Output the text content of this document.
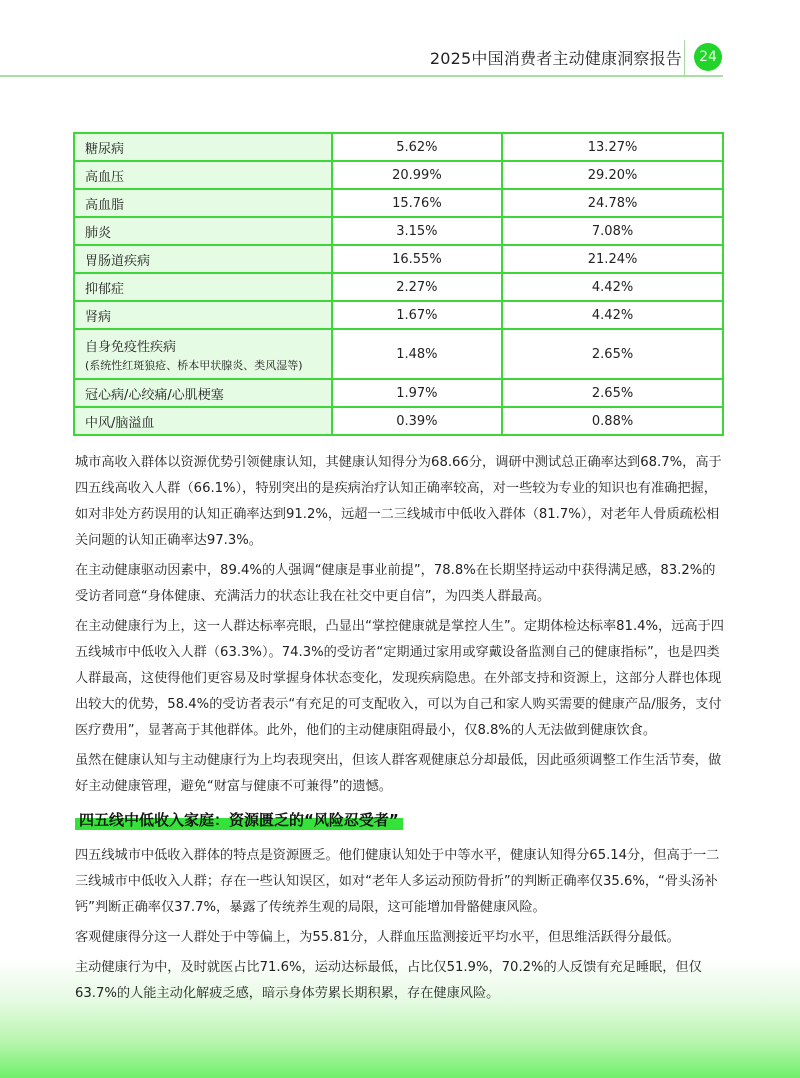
2025中国消费者主动健康洞察报告	24
糖尿病	5.62%	13.27%
高血压	20.99%	29.20%
高血脂	15.76%	24.78%
肺炎	3.15%	7.08%
胃肠道疾病	16.55%	21.24%
抑郁症	2.27%	4.42%
肾病	1.67%	4.42%
自身免疫性疾病
(系统性红斑狼疮、桥本甲状腺炎、类风湿等)	1.48%	2.65%
冠心病/心绞痛/心肌梗塞	1.97%	2.65%
中风/脑溢血	0.39%	0.88%

城市高收入群体以资源优势引领健康认知，其健康认知得分为68.66分，调研中测试总正确率达到68.7%，高于四五线高收入人群（66.1%），特别突出的是疾病治疗认知正确率较高，对一些较为专业的知识也有准确把握，如对非处方药误用的认知正确率达到91.2%，远超一二三线城市中低收入群体（81.7%），对老年人骨质疏松相关问题的认知正确率达97.3%。

在主动健康驱动因素中，89.4%的人强调“健康是事业前提”，78.8%在长期坚持运动中获得满足感，83.2%的受访者同意“身体健康、充满活力的状态让我在社交中更自信”，为四类人群最高。

在主动健康行为上，这一人群达标率亮眼，凸显出“掌控健康就是掌控人生”。定期体检达标率81.4%，远高于四五线城市中低收入人群（63.3%）。74.3%的受访者“定期通过家用或穿戴设备监测自己的健康指标”，也是四类人群最高，这使得他们更容易及时掌握身体状态变化，发现疾病隐患。在外部支持和资源上，这部分人群也体现出较大的优势，58.4%的受访者表示“有充足的可支配收入，可以为自己和家人购买需要的健康产品/服务，支付医疗费用”，显著高于其他群体。此外，他们的主动健康阻碍最小，仅8.8%的人无法做到健康饮食。

虽然在健康认知与主动健康行为上均表现突出，但该人群客观健康总分却最低，因此亟须调整工作生活节奏，做好主动健康管理，避免“财富与健康不可兼得”的遗憾。

四五线中低收入家庭：资源匮乏的“风险忍受者”

四五线城市中低收入群体的特点是资源匮乏。他们健康认知处于中等水平，健康认知得分65.14分，但高于一二三线城市中低收入人群；存在一些认知误区，如对“老年人多运动预防骨折”的判断正确率仅35.6%，“骨头汤补钙”判断正确率仅37.7%，暴露了传统养生观的局限，这可能增加骨骼健康风险。

客观健康得分这一人群处于中等偏上，为55.81分，人群血压监测接近平均水平，但思维活跃得分最低。

主动健康行为中，及时就医占比71.6%，运动达标最低，占比仅51.9%，70.2%的人反馈有充足睡眠，但仅63.7%的人能主动化解疲乏感，暗示身体劳累长期积累，存在健康风险。
